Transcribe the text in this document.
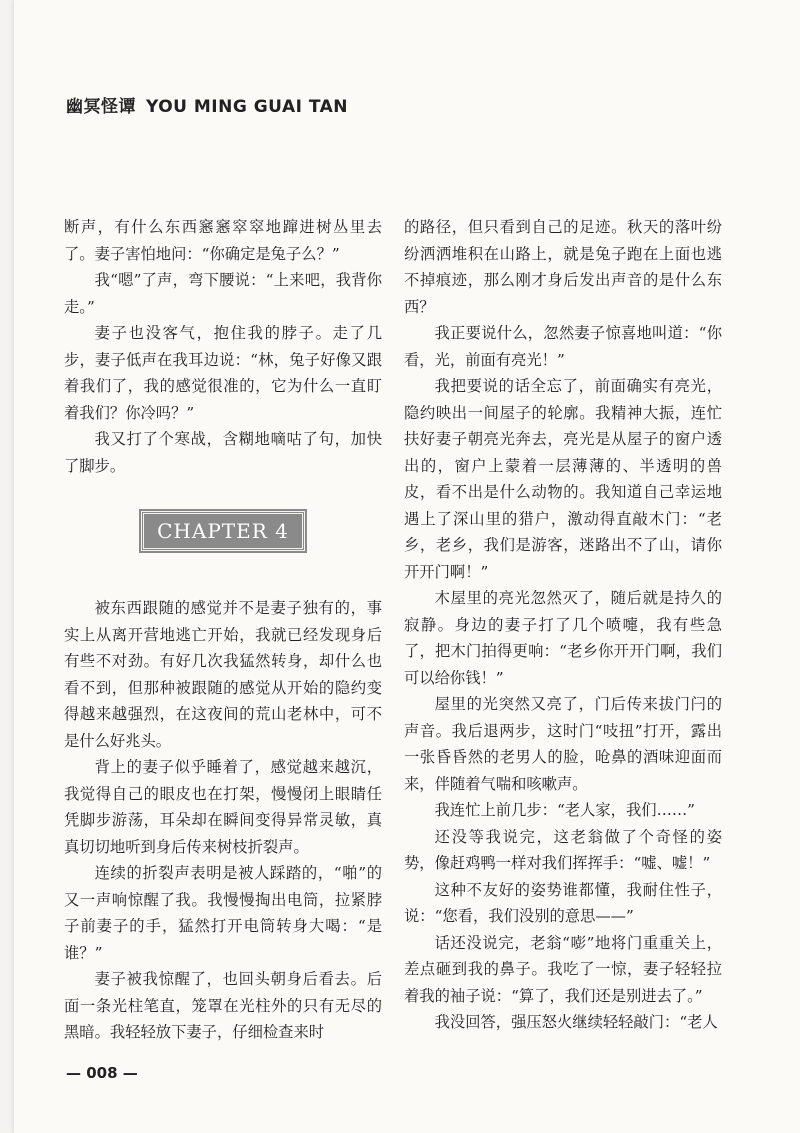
幽冥怪谭 YOU MING GUAI TAN

断声，有什么东西窸窸窣窣地蹿进树丛里去了。妻子害怕地问：“你确定是兔子么？”

我“嗯”了声，弯下腰说：“上来吧，我背你走。”

妻子也没客气，抱住我的脖子。走了几步，妻子低声在我耳边说：“林，兔子好像又跟着我们了，我的感觉很准的，它为什么一直盯着我们？你冷吗？”

我又打了个寒战，含糊地嘀咕了句，加快了脚步。

CHAPTER 4

被东西跟随的感觉并不是妻子独有的，事实上从离开营地逃亡开始，我就已经发现身后有些不对劲。有好几次我猛然转身，却什么也看不到，但那种被跟随的感觉从开始的隐约变得越来越强烈，在这夜间的荒山老林中，可不是什么好兆头。

背上的妻子似乎睡着了，感觉越来越沉，我觉得自己的眼皮也在打架，慢慢闭上眼睛任凭脚步游荡，耳朵却在瞬间变得异常灵敏，真真切切地听到身后传来树枝折裂声。

连续的折裂声表明是被人踩踏的，“啪”的又一声响惊醒了我。我慢慢掏出电筒，拉紧脖子前妻子的手，猛然打开电筒转身大喝：“是谁？”

妻子被我惊醒了，也回头朝身后看去。后面一条光柱笔直，笼罩在光柱外的只有无尽的黑暗。我轻轻放下妻子，仔细检查来时

的路径，但只看到自己的足迹。秋天的落叶纷纷洒洒堆积在山路上，就是兔子跑在上面也逃不掉痕迹，那么刚才身后发出声音的是什么东西？

我正要说什么，忽然妻子惊喜地叫道：“你看，光，前面有亮光！”

我把要说的话全忘了，前面确实有亮光，隐约映出一间屋子的轮廓。我精神大振，连忙扶好妻子朝亮光奔去，亮光是从屋子的窗户透出的，窗户上蒙着一层薄薄的、半透明的兽皮，看不出是什么动物的。我知道自己幸运地遇上了深山里的猎户，激动得直敲木门：“老乡，老乡，我们是游客，迷路出不了山，请你开开门啊！”

木屋里的亮光忽然灭了，随后就是持久的寂静。身边的妻子打了几个喷嚏，我有些急了，把木门拍得更响：“老乡你开开门啊，我们可以给你钱！”

屋里的光突然又亮了，门后传来拔门闩的声音。我后退两步，这时门“吱扭”打开，露出一张昏昏然的老男人的脸，呛鼻的酒味迎面而来，伴随着气喘和咳嗽声。

我连忙上前几步：“老人家，我们……”

还没等我说完，这老翁做了个奇怪的姿势，像赶鸡鸭一样对我们挥挥手：“嘘、嘘！”

这种不友好的姿势谁都懂，我耐住性子，说：“您看，我们没别的意思——”

话还没说完，老翁“嘭”地将门重重关上，差点砸到我的鼻子。我吃了一惊，妻子轻轻拉着我的袖子说：“算了，我们还是别进去了。”

我没回答，强压怒火继续轻轻敲门：“老人

— 008 —
